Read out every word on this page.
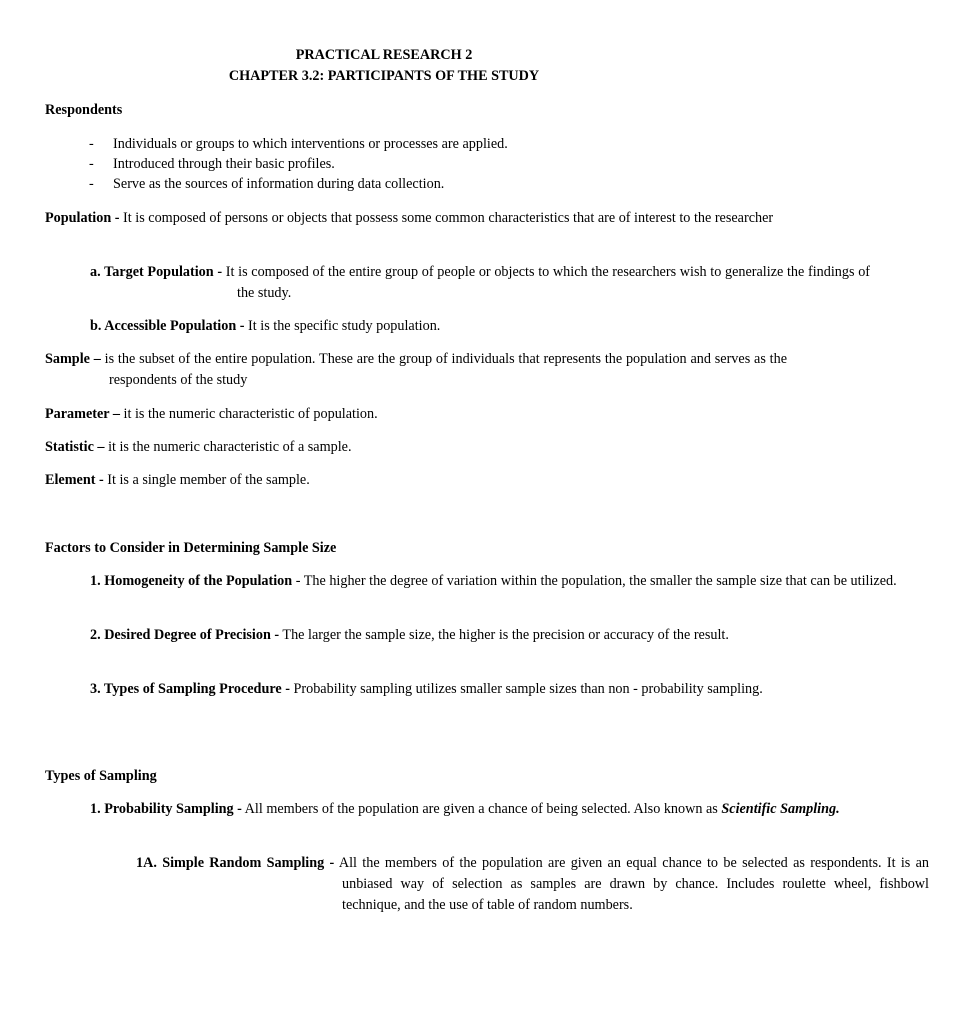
PRACTICAL RESEARCH 2
CHAPTER 3.2: PARTICIPANTS OF THE STUDY
Respondents
- Individuals or groups to which interventions or processes are applied.
- Introduced through their basic profiles.
- Serve as the sources of information during data collection.
Population - It is composed of persons or objects that possess some common characteristics that are of interest to the researcher
a. Target Population - It is composed of the entire group of people or objects to which the researchers wish to generalize the findings of the study.
b. Accessible Population - It is the specific study population.
Sample – is the subset of the entire population. These are the group of individuals that represents the population and serves as the respondents of the study
Parameter – it is the numeric characteristic of population.
Statistic – it is the numeric characteristic of a sample.
Element - It is a single member of the sample.
Factors to Consider in Determining Sample Size
1. Homogeneity of the Population - The higher the degree of variation within the population, the smaller the sample size that can be utilized.
2. Desired Degree of Precision - The larger the sample size, the higher is the precision or accuracy of the result.
3. Types of Sampling Procedure - Probability sampling utilizes smaller sample sizes than non - probability sampling.
Types of Sampling
1. Probability Sampling - All members of the population are given a chance of being selected. Also known as Scientific Sampling.
1A. Simple Random Sampling - All the members of the population are given an equal chance to be selected as respondents. It is an unbiased way of selection as samples are drawn by chance. Includes roulette wheel, fishbowl technique, and the use of table of random numbers.
